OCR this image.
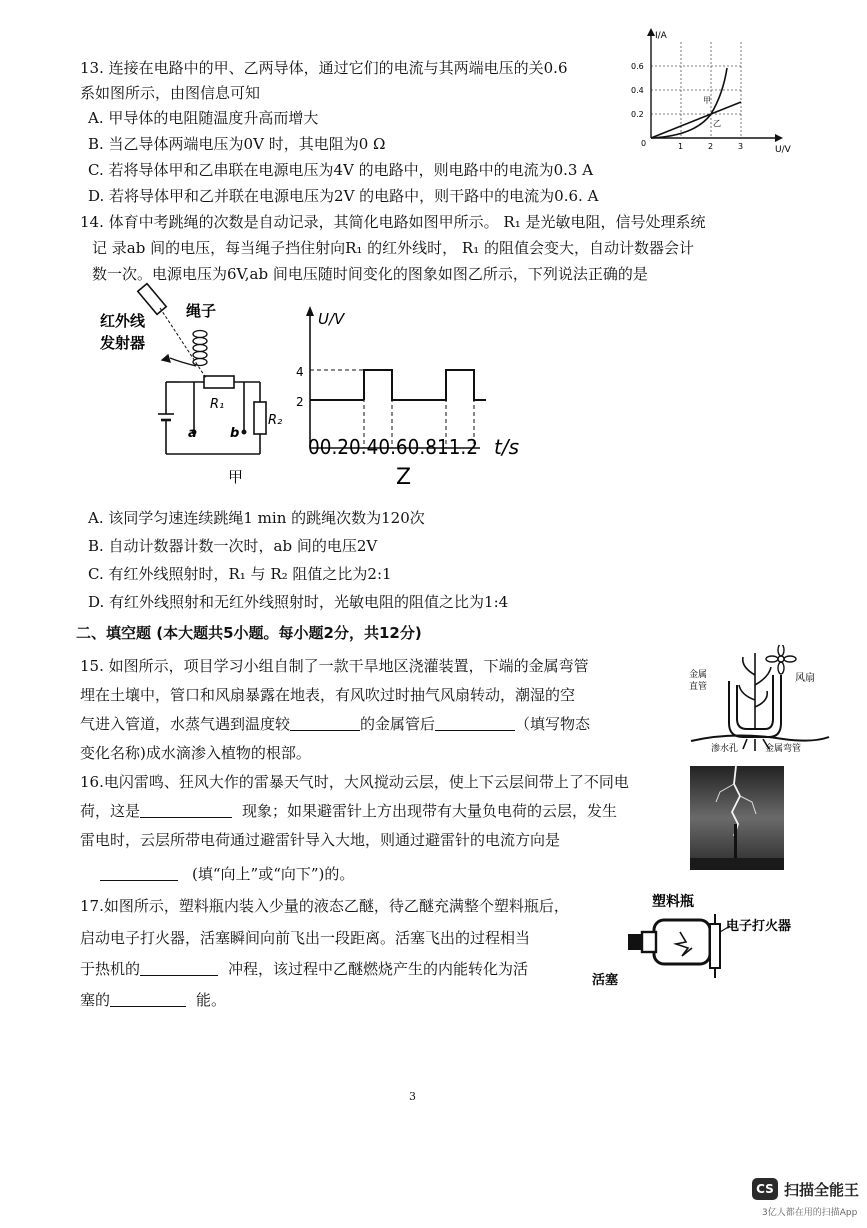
13. 连接在电路中的甲、乙两导体，通过它们的电流与其两端电压的关0.6
系如图所示，由图信息可知
A. 甲导体的电阻随温度升高而增大
B. 当乙导体两端电压为0V 时，其电阻为0 Ω
C. 若将导体甲和乙串联在电源电压为4V 的电路中，则电路中的电流为0.3 A
D. 若将导体甲和乙并联在电源电压为2V 的电路中，则干路中的电流为0.6. A
I/A
U/V
0.6
0.4
0.2
0	1	2	3
甲
乙
14. 体育中考跳绳的次数是自动记录，其简化电路如图甲所示。 R₁ 是光敏电阻，信号处理系统
记 录ab 间的电压，每当绳子挡住射向R₁ 的红外线时， R₁ 的阻值会变大，自动计数器会计
数一次。电源电压为6V,ab 间电压随时间变化的图象如图乙所示，下列说法正确的是
红外线
发射器
绳子
R₁
R₂
a	b
甲
U/V
4
2
00.20.40.60.811.2 t/s
Z
A. 该同学匀速连续跳绳1 min 的跳绳次数为120次
B. 自动计数器计数一次时，ab 间的电压2V
C. 有红外线照射时，R₁ 与 R₂ 阻值之比为2:1
D. 有红外线照射和无红外线照射时，光敏电阻的阻值之比为1:4
二、填空题 (本大题共5小题。每小题2分，共12分)
15. 如图所示，项目学习小组自制了一款干旱地区浇灌装置，下端的金属弯管
埋在土壤中，管口和风扇暴露在地表，有风吹过时抽气风扇转动，潮湿的空
气进入管道，水蒸气遇到温度较	的金属管后	（填写物态
变化名称)成水滴渗入植物的根部。
金属
直管
风扇
渗水孔	金属弯管
16.电闪雷鸣、狂风大作的雷暴天气时，大风搅动云层，使上下云层间带上了不同电
荷，这是	现象；如果避雷针上方出现带有大量负电荷的云层，发生
雷电时，云层所带电荷通过避雷针导入大地，则通过避雷针的电流方向是
(填“向上”或“向下”)的。
17.如图所示，塑料瓶内装入少量的液态乙醚，待乙醚充满整个塑料瓶后，
启动电子打火器，活塞瞬间向前飞出一段距离。活塞飞出的过程相当
于热机的	冲程，该过程中乙醚燃烧产生的内能转化为活
塞的	能。
塑料瓶
电子打火器
活塞
3
CS 扫描全能王
3亿人都在用的扫描App
